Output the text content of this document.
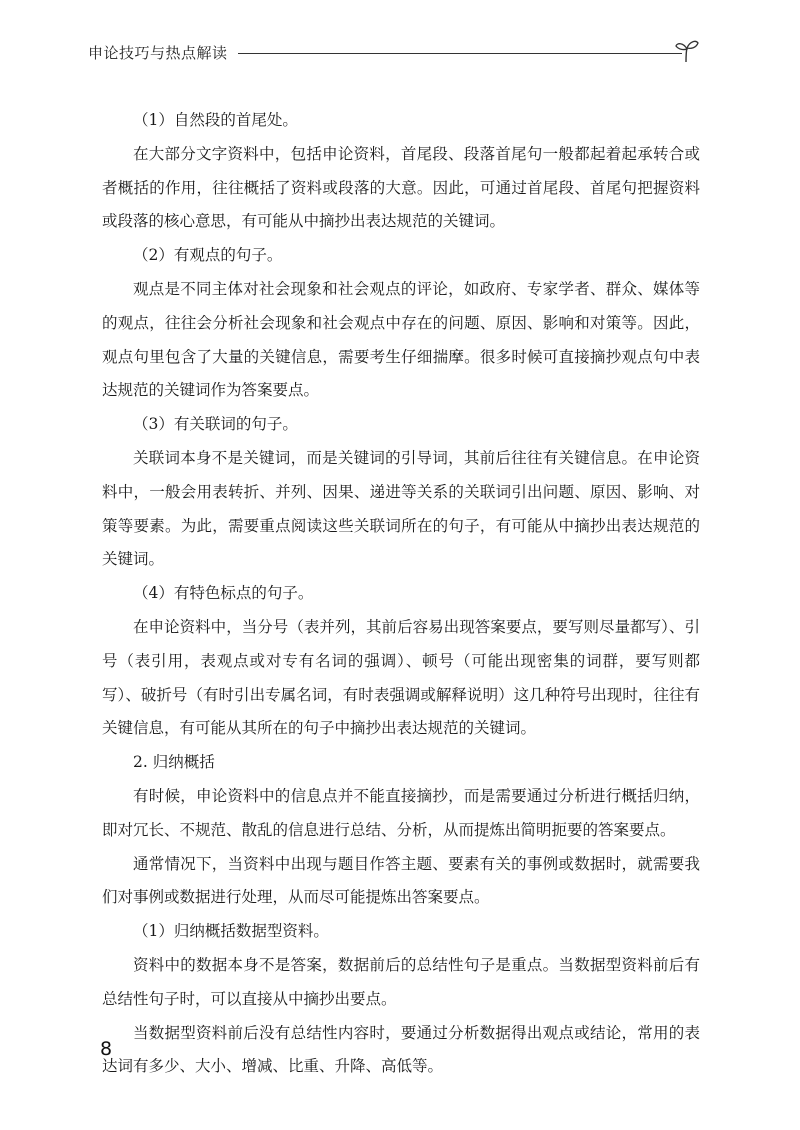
申论技巧与热点解读

（1）自然段的首尾处。

在大部分文字资料中，包括申论资料，首尾段、段落首尾句一般都起着起承转合或者概括的作用，往往概括了资料或段落的大意。因此，可通过首尾段、首尾句把握资料或段落的核心意思，有可能从中摘抄出表达规范的关键词。

（2）有观点的句子。

观点是不同主体对社会现象和社会观点的评论，如政府、专家学者、群众、媒体等的观点，往往会分析社会现象和社会观点中存在的问题、原因、影响和对策等。因此，观点句里包含了大量的关键信息，需要考生仔细揣摩。很多时候可直接摘抄观点句中表达规范的关键词作为答案要点。

（3）有关联词的句子。

关联词本身不是关键词，而是关键词的引导词，其前后往往有关键信息。在申论资料中，一般会用表转折、并列、因果、递进等关系的关联词引出问题、原因、影响、对策等要素。为此，需要重点阅读这些关联词所在的句子，有可能从中摘抄出表达规范的关键词。

（4）有特色标点的句子。

在申论资料中，当分号（表并列，其前后容易出现答案要点，要写则尽量都写）、引号（表引用，表观点或对专有名词的强调）、顿号（可能出现密集的词群，要写则都写）、破折号（有时引出专属名词，有时表强调或解释说明）这几种符号出现时，往往有关键信息，有可能从其所在的句子中摘抄出表达规范的关键词。

2. 归纳概括

有时候，申论资料中的信息点并不能直接摘抄，而是需要通过分析进行概括归纳，即对冗长、不规范、散乱的信息进行总结、分析，从而提炼出简明扼要的答案要点。

通常情况下，当资料中出现与题目作答主题、要素有关的事例或数据时，就需要我们对事例或数据进行处理，从而尽可能提炼出答案要点。

（1）归纳概括数据型资料。

资料中的数据本身不是答案，数据前后的总结性句子是重点。当数据型资料前后有总结性句子时，可以直接从中摘抄出要点。

当数据型资料前后没有总结性内容时，要通过分析数据得出观点或结论，常用的表达词有多少、大小、增减、比重、升降、高低等。

8
